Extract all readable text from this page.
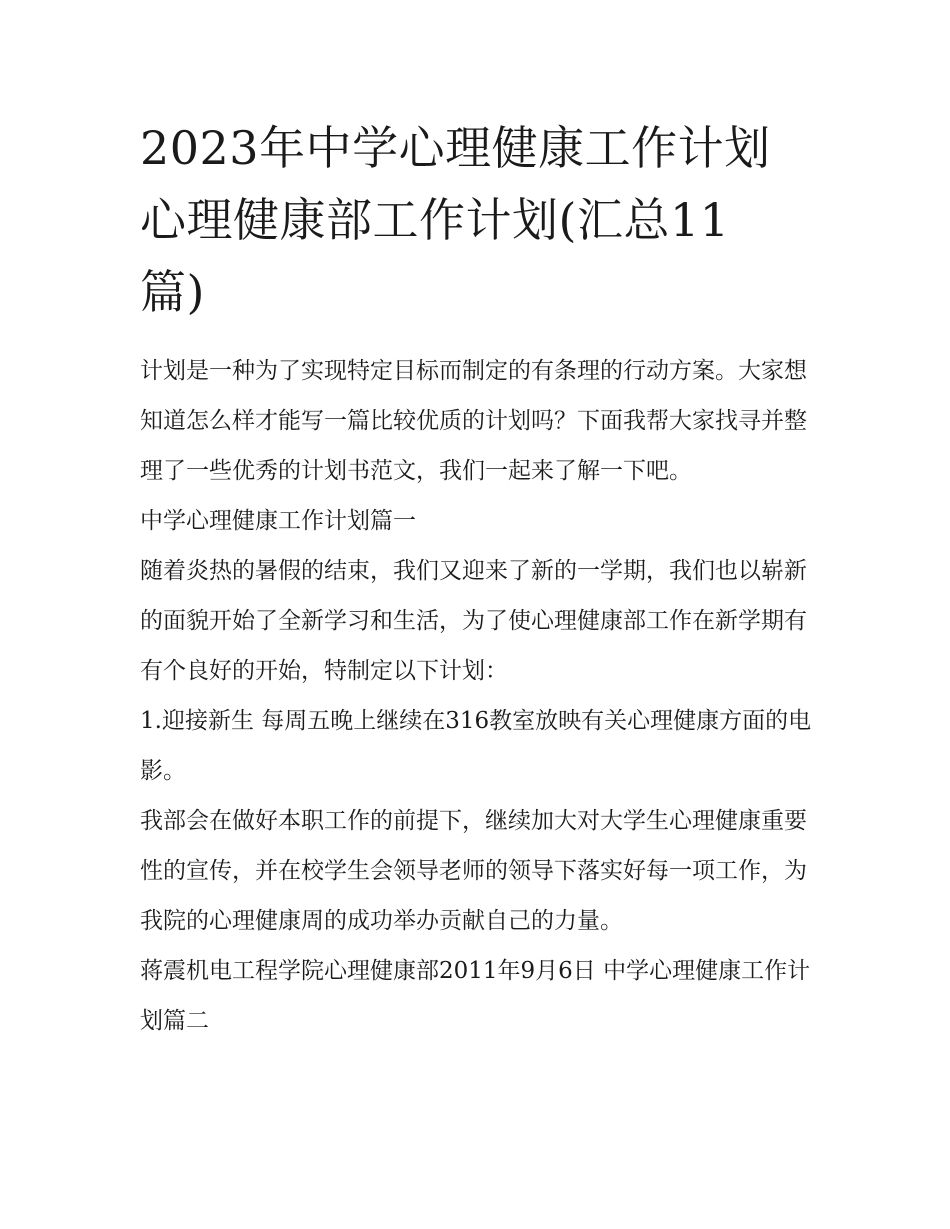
2023年中学心理健康工作计划
心理健康部工作计划(汇总11
篇)

计划是一种为了实现特定目标而制定的有条理的行动方案。大家想知道怎么样才能写一篇比较优质的计划吗？下面我帮大家找寻并整理了一些优秀的计划书范文，我们一起来了解一下吧。

中学心理健康工作计划篇一

随着炎热的暑假的结束，我们又迎来了新的一学期，我们也以崭新的面貌开始了全新学习和生活，为了使心理健康部工作在新学期有有个良好的开始，特制定以下计划：

1.迎接新生 每周五晚上继续在316教室放映有关心理健康方面的电影。

我部会在做好本职工作的前提下，继续加大对大学生心理健康重要性的宣传，并在校学生会领导老师的领导下落实好每一项工作，为我院的心理健康周的成功举办贡献自己的力量。

蒋震机电工程学院心理健康部2011年9月6日 中学心理健康工作计划篇二
